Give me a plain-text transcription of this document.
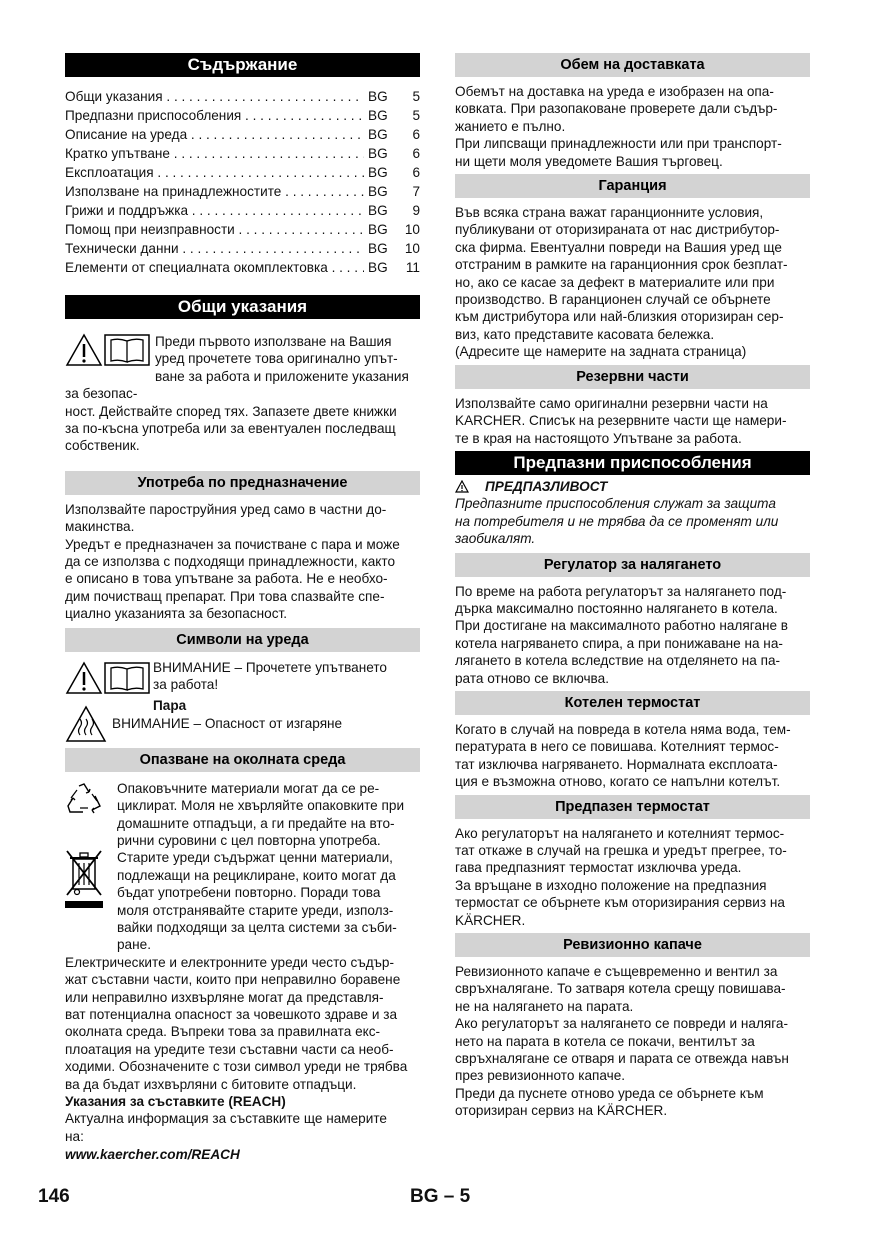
Съдържание
Общи указания . . .	BG	5
Предпазни приспособления . . .	BG	5
Описание на уреда . . .	BG	6
Кратко упътване . . .	BG	6
Експлоатация . . .	BG	6
Използване на принадлежностите . . .	BG	7
Грижи и поддръжка . . .	BG	9
Помощ при неизправности . . .	BG	10
Технически данни . . .	BG	10
Елементи от специалната окомплектовка . . .	BG	11
Общи указания
Преди първото използване на Вашия
уред прочетете това оригинално упът-
ване за работа и приложените указания за безопас-
ност. Действайте според тях. Запазете двете книжки
за по-късна употреба или за евентуален последващ
собственик.
Употреба по предназначение
Използвайте пароструйния уред само в частни до-
макинства.
Уредът е предназначен за почистване с пара и може
да се използва с подходящи принадлежности, както
е описано в това упътване за работа. Не е необхо-
дим почистващ препарат. При това спазвайте спе-
циално указанията за безопасност.
Символи на уреда
ВНИМАНИЕ – Прочетете упътването
за работа!
Пара
ВНИМАНИЕ – Опасност от изгаряне
Опазване на околната среда
Опаковъчните материали могат да се ре-
циклират. Моля не хвърляйте опаковките при
домашните отпадъци, а ги предайте на вто-
рични суровини с цел повторна употреба.
Старите уреди съдържат ценни материали,
подлежащи на рециклиране, които могат да
бъдат употребени повторно. Поради това
моля отстранявайте старите уреди, използ-
вайки подходящи за целта системи за съби-
ране.
Електрическите и електронните уреди често съдър-
жат съставни части, които при неправилно боравене
или неправилно изхвърляне могат да представля-
ват потенциална опасност за човешкото здраве и за
околната среда. Въпреки това за правилната екс-
плоатация на уредите тези съставни части са необ-
ходими. Обозначените с този символ уреди не трябва
ва да бъдат изхвърляни с битовите отпадъци.
Указания за съставките (REACH)
Актуална информация за съставките ще намерите
на:
www.kaercher.com/REACH
Обем на доставката
Обемът на доставка на уреда е изобразен на опа-
ковката. При разопаковане проверете дали съдър-
жанието е пълно.
При липсващи принадлежности или при транспорт-
ни щети моля уведомете Вашия търговец.
Гаранция
Във всяка страна важат гаранционните условия,
публикувани от оторизираната от нас дистрибутор-
ска фирма. Евентуални повреди на Вашия уред ще
отстраним в рамките на гаранционния срок безплат-
но, ако се касае за дефект в материалите или при
производство. В гаранционен случай се обърнете
към дистрибутора или най-близкия оторизиран сер-
виз, като представите касовата бележка.
(Адресите ще намерите на задната страница)
Резервни части
Използвайте само оригинални резервни части на
KARCHER. Списък на резервните части ще намери-
те в края на настоящото Упътване за работа.
Предпазни приспособления
ПРЕДПАЗЛИВОСТ
Предпазните приспособления служат за защита
на потребителя и не трябва да се променят или
заобикалят.
Регулатор за налягането
По време на работа регулаторът за налягането под-
дърка максимално постоянно налягането в котела.
При достигане на максималното работно налягане в
котела нагряването спира, а при понижаване на на-
лягането в котела вследствие на отделянето на па-
рата отново се включва.
Котелен термостат
Когато в случай на повреда в котела няма вода, тем-
пературата в него се повишава. Котелният термос-
тат изключва нагряването. Нормалната експлоата-
ция е възможна отново, когато се напълни котелът.
Предпазен термостат
Ако регулаторът на налягането и котелният термос-
тат откаже в случай на грешка и уредът прегрее, то-
гава предпазният термостат изключва уреда.
За връщане в изходно положение на предпазния
термостат се обърнете към оторизирания сервиз на
KÄRCHER.
Ревизионно капаче
Ревизионното капаче е същевременно и вентил за
свръхналягане. То затваря котела срещу повишава-
не на налягането на парата.
Ако регулаторът за налягането се повреди и наляга-
нето на парата в котела се покачи, вентилът за
свръхналягане се отваря и парата се отвежда навън
през ревизионното капаче.
Преди да пуснете отново уреда се обърнете към
оторизиран сервиз на KÄRCHER.
146	BG – 5
